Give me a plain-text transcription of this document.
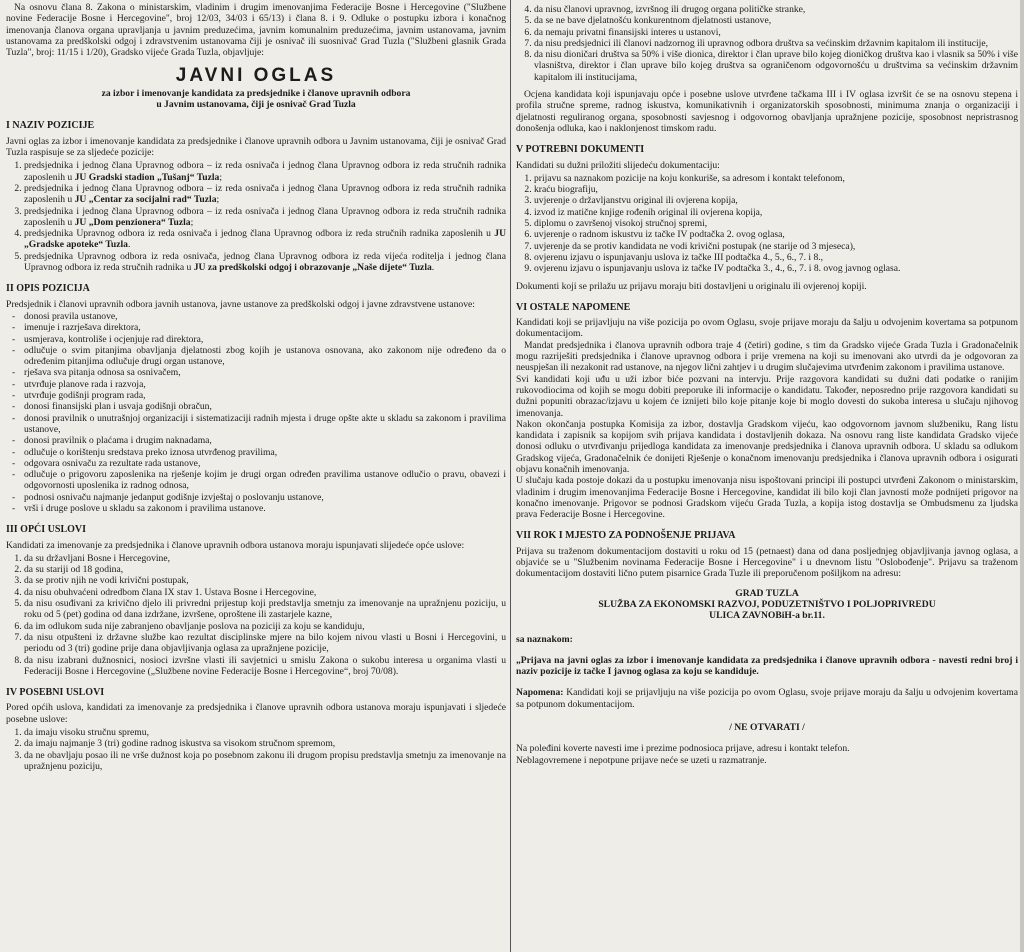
Na osnovu člana 8. Zakona o ministarskim, vladinim i drugim imenovanjima Federacije Bosne i Hercegovine ("Službene novine Federacije Bosne i Hercegovine", broj 12/03, 34/03 i 65/13) i člana 8. i 9. Odluke o postupku izbora i konačnog imenovanja članova organa upravljanja u javnim preduzećima, javnim komunalnim preduzećima, javnim ustanovama, javnim ustanovama za predškolski odgoj i zdravstvenim ustanovama čiji je osnivač ili suosnivač Grad Tuzla ("Službeni glasnik Grada Tuzla", broj: 11/15 i 1/20), Gradsko vijeće Grada Tuzla, objavljuje:

JAVNI OGLAS
za izbor i imenovanje kandidata za predsjednike i članove upravnih odbora
u Javnim ustanovama, čiji je osnivač Grad Tuzla
I NAZIV POZICIJE

Javni oglas za izbor i imenovanje kandidata za predsjednike i članove upravnih odbora u Javnim ustanovama, čiji je osnivač Grad Tuzla raspisuje se za sljedeće pozicije:

1. predsjednika i jednog člana Upravnog odbora – iz reda osnivača i jednog člana Upravnog odbora iz reda stručnih radnika zaposlenih u JU Gradski stadion „Tušanj“ Tuzla;
2. predsjednika i jednog člana Upravnog odbora – iz reda osnivača i jednog člana Upravnog odbora iz reda stručnih radnika zaposlenih u JU „Centar za socijalni rad“ Tuzla;
3. predsjednika i jednog člana Upravnog odbora – iz reda osnivača i jednog člana Upravnog odbora iz reda stručnih radnika zaposlenih u JU „Dom penzionera“ Tuzla;
4. predsjednika Upravnog odbora iz reda osnivača i jednog člana Upravnog odbora iz reda stručnih radnika zaposlenih u JU „Gradske apoteke“ Tuzla.
5. predsjednika Upravnog odbora iz reda osnivača, jednog člana Upravnog odbora iz reda vijeća roditelja i jednog člana Upravnog odbora iz reda stručnih radnika u JU za predškolski odgoj i obrazovanje „Naše dijete“ Tuzla.
II OPIS POZICIJA

Predsjednik i članovi upravnih odbora javnih ustanova, javne ustanove za predškolski odgoj i javne zdravstvene ustanove:

- donosi pravila ustanove,
- imenuje i razrješava direktora,
- usmjerava, kontroliše i ocjenjuje rad direktora,
- odlučuje o svim pitanjima obavljanja djelatnosti zbog kojih je ustanova osnovana, ako zakonom nije određeno da o određenim pitanjima odlučuje drugi organ ustanove,
- rješava sva pitanja odnosa sa osnivačem,
- utvrđuje planove rada i razvoja,
- utvrđuje godišnji program rada,
- donosi finansijski plan i usvaja godišnji obračun,
- donosi pravilnik o unutrašnjoj organizaciji i sistematizaciji radnih mjesta i druge opšte akte u skladu sa zakonom i pravilima ustanove,
- donosi pravilnik o plaćama i drugim naknadama,
- odlučuje o korištenju sredstava preko iznosa utvrđenog pravilima,
- odgovara osnivaču za rezultate rada ustanove,
- odlučuje o prigovoru zaposlenika na rješenje kojim je drugi organ određen pravilima ustanove odlučio o pravu, obavezi i odgovornosti uposlenika iz radnog odnosa,
- podnosi osnivaču najmanje jedanput godišnje izvještaj o poslovanju ustanove,
- vrši i druge poslove u skladu sa zakonom i pravilima ustanove.
III OPĆI USLOVI

Kandidati za imenovanje za predsjednika i članove upravnih odbora ustanova moraju ispunjavati slijedeće opće uslove:

1. da su državljani Bosne i Hercegovine,
2. da su stariji od 18 godina,
3. da se protiv njih ne vodi krivični postupak,
4. da nisu obuhvaćeni odredbom člana IX stav 1. Ustava Bosne i Hercegovine,
5. da nisu osuđivani za krivično djelo ili privredni prijestup koji predstavlja smetnju za imenovanje na upražnjenu poziciju, u roku od 5 (pet) godina od dana izdržane, izvršene, oproštene ili zastarjele kazne,
6. da im odlukom suda nije zabranjeno obavljanje poslova na poziciji za koju se kandiduju,
7. da nisu otpušteni iz državne službe kao rezultat disciplinske mjere na bilo kojem nivou vlasti u Bosni i Hercegovini, u periodu od 3 (tri) godine prije dana objavljivanja oglasa za upražnjene pozicije,
8. da nisu izabrani dužnosnici, nosioci izvršne vlasti ili savjetnici u smislu Zakona o sukobu interesa u organima vlasti u Federaciji Bosne i Hercegovine („Službene novine Federacije Bosne i Hercegovine“, broj 70/08).
IV POSEBNI USLOVI

Pored općih uslova, kandidati za imenovanje za predsjednika i članove upravnih odbora ustanova moraju ispunjavati i sljedeće posebne uslove:

1. da imaju visoku stručnu spremu,
2. da imaju najmanje 3 (tri) godine radnog iskustva sa visokom stručnom spremom,
3. da ne obavljaju posao ili ne vrše dužnost koja po posebnom zakonu ili drugom propisu predstavlja smetnju za imenovanje na upražnjenu poziciju,
4. da nisu članovi upravnog, izvršnog ili drugog organa političke stranke,
5. da se ne bave djelatnošću konkurentnom djelatnosti ustanove,
6. da nemaju privatni finansijski interes u ustanovi,
7. da nisu predsjednici ili članovi nadzornog ili upravnog odbora društva sa većinskim državnim kapitalom ili institucije,
8. da nisu dioničari društva sa 50% i više dionica, direktor i član uprave bilo kojeg dioničkog društva kao i vlasnik sa 50% i više vlasništva, direktor i član uprave bilo kojeg društva sa ograničenom odgovornošću u društvima sa većinskim državnim kapitalom ili institucijama,

Ocjena kandidata koji ispunjavaju opće i posebne uslove utvrđene tačkama III i IV oglasa izvršit će se na osnovu stepena i profila stručne spreme, radnog iskustva, komunikativnih i organizatorskih sposobnosti, minimuma znanja o organizaciji i djelatnosti reguliranog organa, sposobnosti savjesnog i odgovornog obavljanja upražnjene pozicije, sposobnost nepristrasnog donošenja odluka, kao i naklonjenost timskom radu.

V POTREBNI DOKUMENTI

Kandidati su dužni priložiti slijedeću dokumentaciju:

1. prijavu sa naznakom pozicije na koju konkuriše, sa adresom i kontakt telefonom,
2. kraću biografiju,
3. uvjerenje o državljanstvu original ili ovjerena kopija,
4. izvod iz matične knjige rođenih original ili ovjerena kopija,
5. diplomu o završenoj visokoj stručnoj spremi,
6. uvjerenje o radnom iskustvu iz tačke IV podtačka 2. ovog oglasa,
7. uvjerenje da se protiv kandidata ne vodi krivični postupak (ne starije od 3 mjeseca),
8. ovjerenu izjavu o ispunjavanju uslova iz tačke III podtačka 4., 5., 6., 7. i 8.,
9. ovjerenu izjavu o ispunjavanju uslova iz tačke IV podtačka 3., 4., 6., 7. i 8. ovog javnog oglasa.

Dokumenti koji se prilažu uz prijavu moraju biti dostavljeni u originalu ili ovjerenoj kopiji.

VI OSTALE NAPOMENE

Kandidati koji se prijavljuju na više pozicija po ovom Oglasu, svoje prijave moraju da šalju u odvojenim kovertama sa potpunom dokumentacijom.

Mandat predsjednika i članova upravnih odbora traje 4 (četiri) godine, s tim da Gradsko vijeće Grada Tuzla i Gradonačelnik mogu razriješiti predsjednika i članove upravnog odbora i prije vremena na koji su imenovani ako utvrdi da je odgovoran za neuspješan ili nezakonit rad ustanove, na njegov lični zahtjev i u drugim slučajevima utvrđenim zakonom i pravilima ustanove.

Svi kandidati koji uđu u uži izbor biće pozvani na intervju. Prije razgovora kandidati su dužni dati podatke o ranijim rukovodiocima od kojih se mogu dobiti preporuke ili informacije o kandidatu. Također, neposredno prije razgovora kandidati su dužni popuniti obrazac/izjavu u kojem će iznijeti bilo koje pitanje koje bi moglo dovesti do sukoba interesa u slučaju njihovog imenovanja.

Nakon okončanja postupka Komisija za izbor, dostavlja Gradskom vijeću, kao odgovornom javnom službeniku, Rang listu kandidata i zapisnik sa kopijom svih prijava kandidata i dostavljenih dokaza. Na osnovu rang liste kandidata Gradsko vijeće donosi odluku o utvrđivanju prijedloga kandidata za imenovanje predsjednika i članova upravnih odbora. U skladu sa odlukom Gradskog vijeća, Gradonačelnik će donijeti Rješenje o konačnom imenovanju predsjednika i članova upravnih odbora i osigurati objavu konačnih imenovanja.

U slučaju kada postoje dokazi da u postupku imenovanja nisu ispoštovani principi ili postupci utvrđeni Zakonom o ministarskim, vladinim i drugim imenovanjima Federacije Bosne i Hercegovine, kandidat ili bilo koji član javnosti može podnijeti prigovor na konačno imenovanje. Prigovor se podnosi Gradskom vijeću Grada Tuzla, a kopija istog dostavlja se Ombudsmenu za ljudska prava Federacije Bosne i Hercegovine.

VII ROK I MJESTO ZA PODNOŠENJE PRIJAVA

Prijava su traženom dokumentacijom dostaviti u roku od 15 (petnaest) dana od dana posljednjeg objavljivanja javnog oglasa, a objaviće se u "Službenim novinama Federacije Bosne i Hercegovine" i u dnevnom listu "Oslobođenje". Prijavu sa traženom dokumentacijom dostaviti lično putem pisarnice Grada Tuzle ili preporučenom pošiljkom na adresu:

GRAD TUZLA
SLUŽBA ZA EKONOMSKI RAZVOJ, PODUZETNIŠTVO I POLJOPRIVREDU
ULICA ZAVNOBiH-a br.11.

sa naznakom:

„Prijava na javni oglas za izbor i imenovanje kandidata za predsjednika i članove upravnih odbora - navesti redni broj i naziv pozicije iz tačke I javnog oglasa za koju se kandiduje.

Napomena: Kandidati koji se prijavljuju na više pozicija po ovom Oglasu, svoje prijave moraju da šalju u odvojenim kovertama sa potpunom dokumentacijom.

/ NE OTVARATI /

Na poleđini koverte navesti ime i prezime podnosioca prijave, adresu i kontakt telefon.

Neblagovremene i nepotpune prijave neće se uzeti u razmatranje.
